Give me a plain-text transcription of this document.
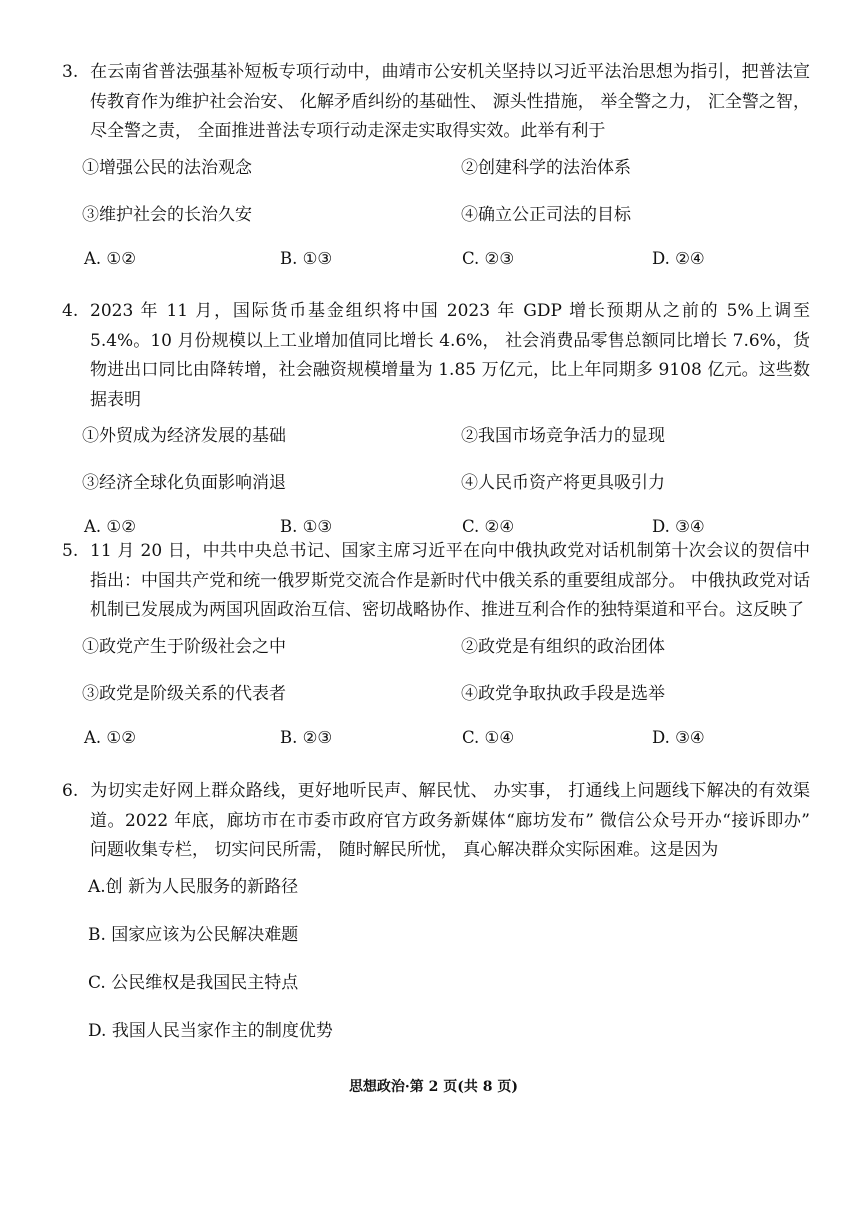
3. 在云南省普法强基补短板专项行动中，曲靖市公安机关坚持以习近平法治思想为指引，把普法宣传教育作为维护社会治安、 化解矛盾纠纷的基础性、 源头性措施， 举全警之力， 汇全警之智， 尽全警之责， 全面推进普法专项行动走深走实取得实效。此举有利于

①增强公民的法治观念	②创建科学的法治体系
③维护社会的长治久安	④确立公正司法的目标
A. ①②	B. ①③	C. ②③	D. ②④

4. 2023 年 11 月，国际货币基金组织将中国 2023 年 GDP 增长预期从之前的 5%上调至 5.4%。10 月份规模以上工业增加值同比增长 4.6%， 社会消费品零售总额同比增长 7.6%，货物进出口同比由降转增，社会融资规模增量为 1.85 万亿元，比上年同期多 9108 亿元。这些数据表明

①外贸成为经济发展的基础	②我国市场竞争活力的显现
③经济全球化负面影响消退	④人民币资产将更具吸引力
A. ①②	B. ①③	C. ②④	D. ③④

5. 11 月 20 日，中共中央总书记、国家主席习近平在向中俄执政党对话机制第十次会议的贺信中指出：中国共产党和统一俄罗斯党交流合作是新时代中俄关系的重要组成部分。 中俄执政党对话机制已发展成为两国巩固政治互信、密切战略协作、推进互利合作的独特渠道和平台。这反映了

①政党产生于阶级社会之中	②政党是有组织的政治团体
③政党是阶级关系的代表者	④政党争取执政手段是选举
A. ①②	B. ②③	C. ①④	D. ③④

6. 为切实走好网上群众路线，更好地听民声、解民忧、 办实事， 打通线上问题线下解决的有效渠道。2022 年底，廊坊市在市委市政府官方政务新媒体“廊坊发布” 微信公众号开办“接诉即办” 问题收集专栏， 切实问民所需， 随时解民所忧， 真心解决群众实际困难。这是因为

A.创 新为人民服务的新路径
B. 国家应该为公民解决难题
C. 公民维权是我国民主特点
D. 我国人民当家作主的制度优势
思想政治·第 2 页(共 8 页)
